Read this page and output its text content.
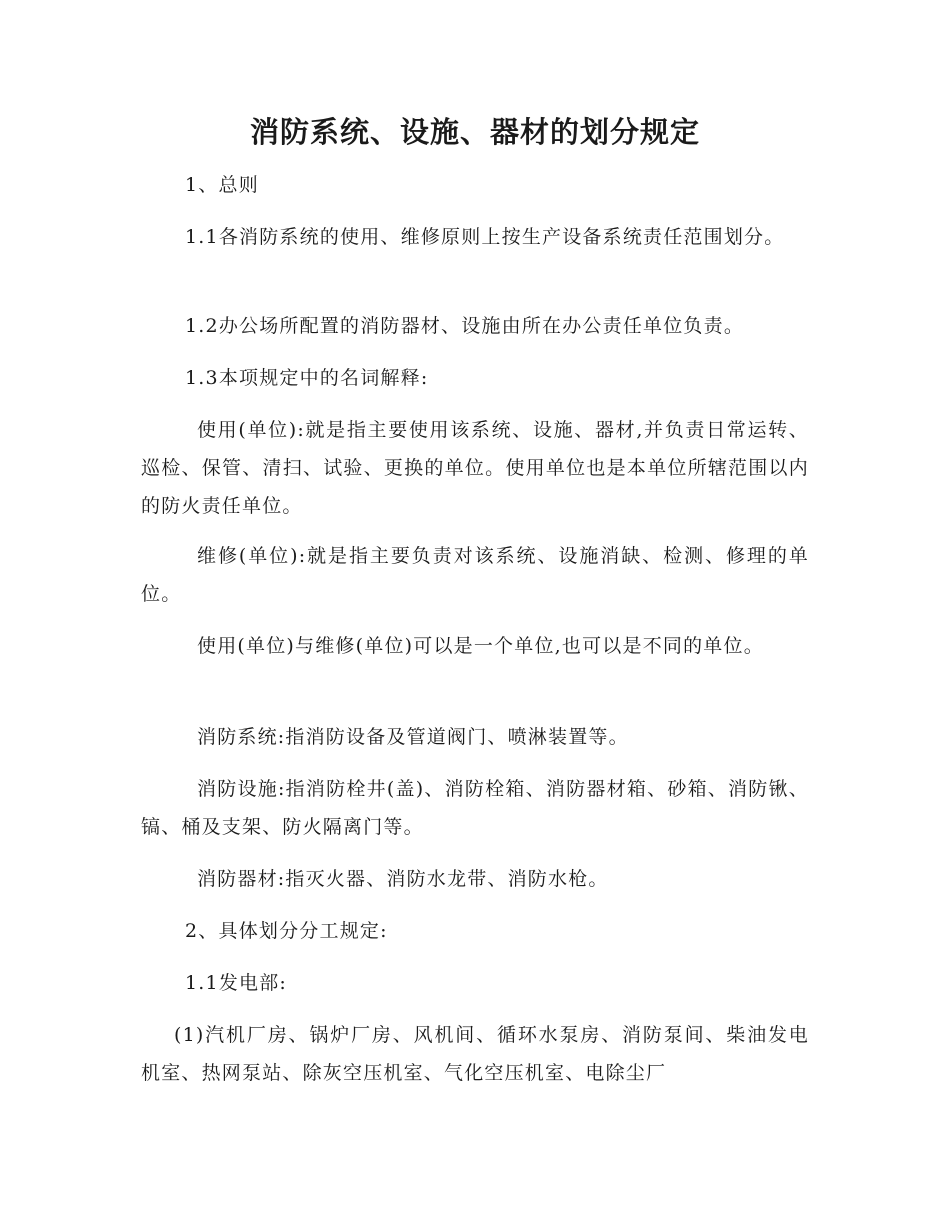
消防系统、设施、器材的划分规定
1、总则
1.1各消防系统的使用、维修原则上按生产设备系统责任范围划分。
1.2办公场所配置的消防器材、设施由所在办公责任单位负责。
1.3本项规定中的名词解释:
使用(单位):就是指主要使用该系统、设施、器材,并负责日常运转、巡检、保管、清扫、试验、更换的单位。使用单位也是本单位所辖范围以内的防火责任单位。
维修(单位):就是指主要负责对该系统、设施消缺、检测、修理的单位。
使用(单位)与维修(单位)可以是一个单位,也可以是不同的单位。
消防系统:指消防设备及管道阀门、喷淋装置等。
消防设施:指消防栓井(盖)、消防栓箱、消防器材箱、砂箱、消防锹、镐、桶及支架、防火隔离门等。
消防器材:指灭火器、消防水龙带、消防水枪。
2、具体划分分工规定:
1.1发电部:
(1)汽机厂房、锅炉厂房、风机间、循环水泵房、消防泵间、柴油发电机室、热网泵站、除灰空压机室、气化空压机室、电除尘厂
